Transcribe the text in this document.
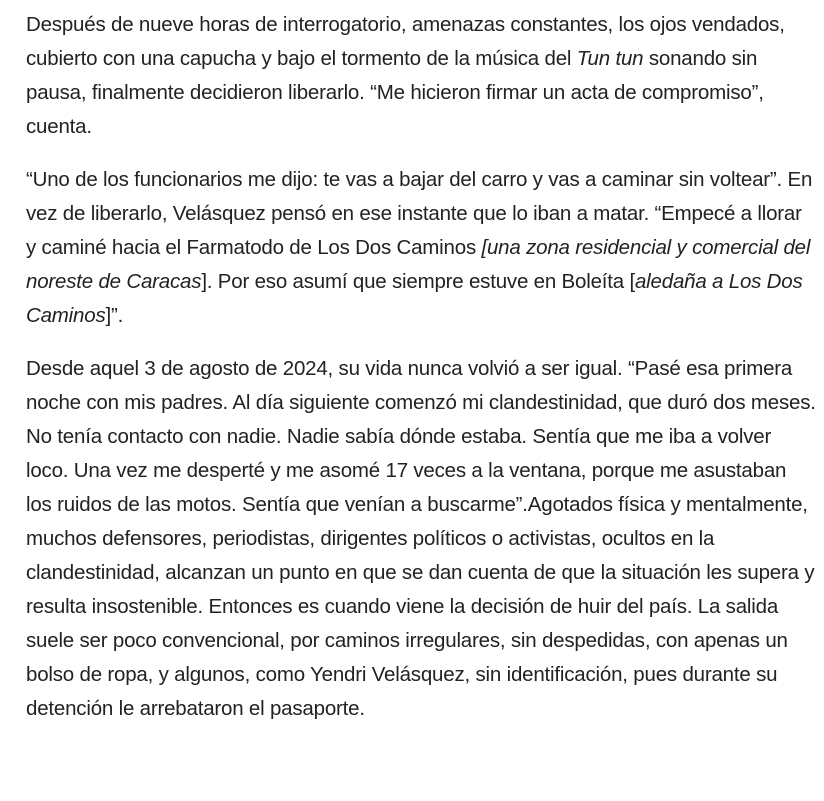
Después de nueve horas de interrogatorio, amenazas constantes, los ojos vendados, cubierto con una capucha y bajo el tormento de la música del Tun tun sonando sin pausa, finalmente decidieron liberarlo. “Me hicieron firmar un acta de compromiso”, cuenta.

“Uno de los funcionarios me dijo: te vas a bajar del carro y vas a caminar sin voltear”. En vez de liberarlo, Velásquez pensó en ese instante que lo iban a matar. “Empecé a llorar y caminé hacia el Farmatodo de Los Dos Caminos [una zona residencial y comercial del noreste de Caracas]. Por eso asumí que siempre estuve en Boleíta [aledaña a Los Dos Caminos]”.

Desde aquel 3 de agosto de 2024, su vida nunca volvió a ser igual. “Pasé esa primera noche con mis padres. Al día siguiente comenzó mi clandestinidad, que duró dos meses. No tenía contacto con nadie. Nadie sabía dónde estaba. Sentía que me iba a volver loco. Una vez me desperté y me asomé 17 veces a la ventana, porque me asustaban los ruidos de las motos. Sentía que venían a buscarme”.Agotados física y mentalmente, muchos defensores, periodistas, dirigentes políticos o activistas, ocultos en la clandestinidad, alcanzan un punto en que se dan cuenta de que la situación les supera y resulta insostenible. Entonces es cuando viene la decisión de huir del país. La salida suele ser poco convencional, por caminos irregulares, sin despedidas, con apenas un bolso de ropa, y algunos, como Yendri Velásquez, sin identificación, pues durante su detención le arrebataron el pasaporte.
